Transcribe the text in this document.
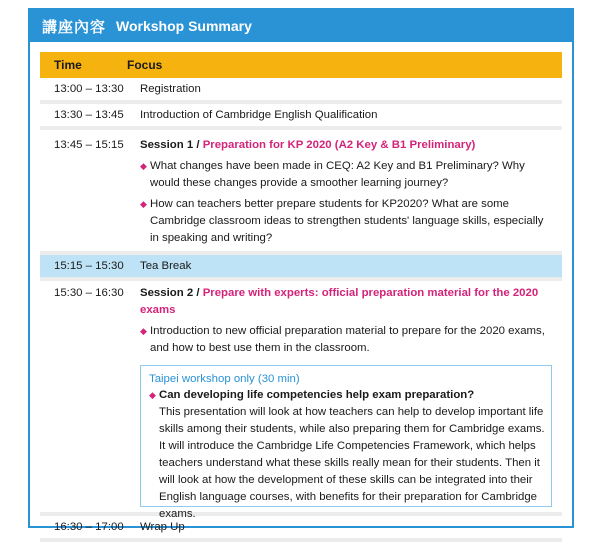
講座內容 Workshop Summary
Time	Focus
13:00 – 13:30	Registration
13:30 – 13:45	Introduction of Cambridge English Qualification
13:45 – 15:15	Session 1 / Preparation for KP 2020 (A2 Key & B1 Preliminary)
◆ What changes have been made in CEQ: A2 Key and B1 Preliminary? Why would these changes provide a smoother learning journey?
◆ How can teachers better prepare students for KP2020? What are some Cambridge classroom ideas to strengthen students' language skills, especially in speaking and writing?
15:15 – 15:30	Tea Break
15:30 – 16:30	Session 2 / Prepare with experts: official preparation material for the 2020 exams
◆ Introduction to new official preparation material to prepare for the 2020 exams, and how to best use them in the classroom.
Taipei workshop only (30 min)
◆ Can developing life competencies help exam preparation?
This presentation will look at how teachers can help to develop important life skills among their students, while also preparing them for Cambridge exams. It will introduce the Cambridge Life Competencies Framework, which helps teachers understand what these skills really mean for their students. Then it will look at how the development of these skills can be integrated into their English language courses, with benefits for their preparation for Cambridge exams.
16:30 – 17:00	Wrap Up
